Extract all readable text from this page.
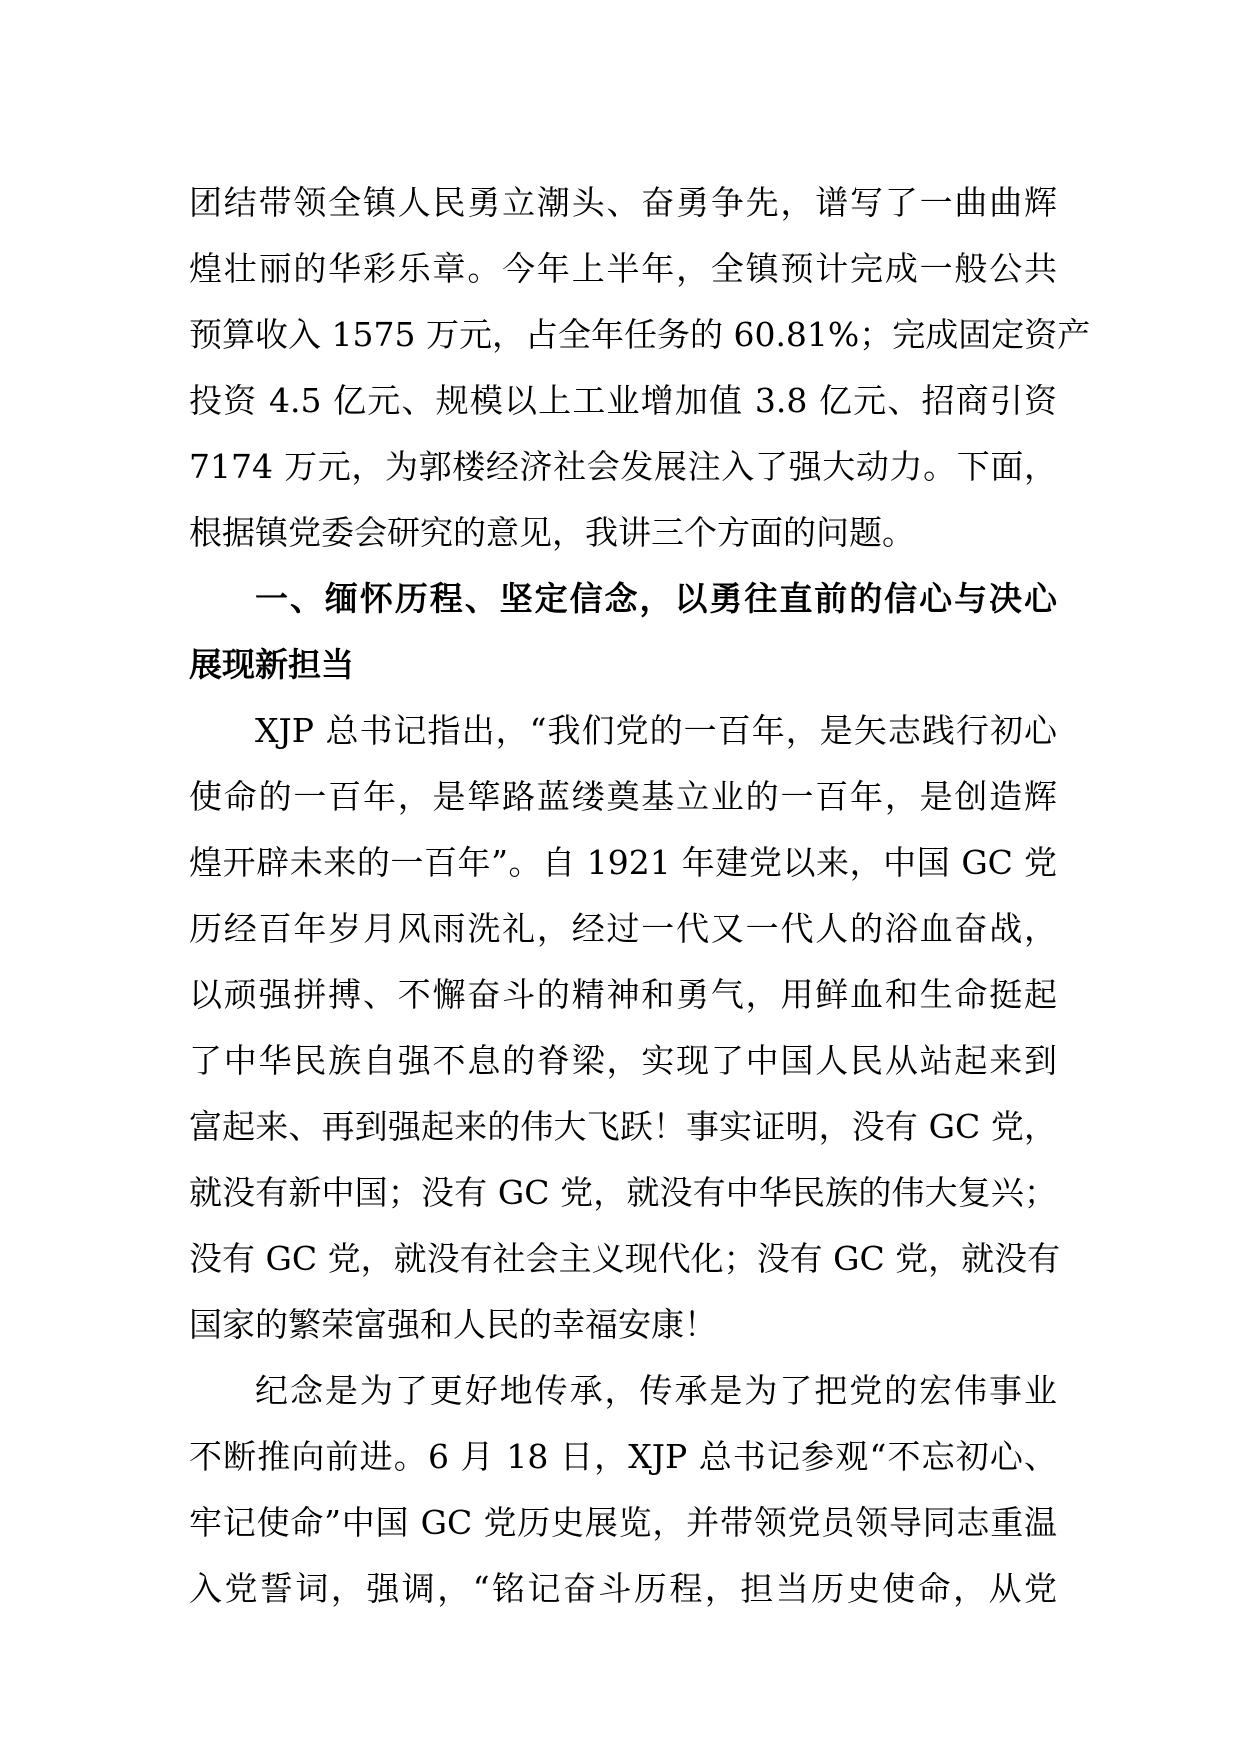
团结带领全镇人民勇立潮头、奋勇争先，谱写了一曲曲辉
煌壮丽的华彩乐章。今年上半年，全镇预计完成一般公共
预算收入 1575 万元，占全年任务的 60.81%；完成固定资产
投资 4.5 亿元、规模以上工业增加值 3.8 亿元、招商引资
7174 万元，为郭楼经济社会发展注入了强大动力。下面，
根据镇党委会研究的意见，我讲三个方面的问题。
一、缅怀历程、坚定信念，以勇往直前的信心与决心
展现新担当
XJP 总书记指出，“我们党的一百年，是矢志践行初心
使命的一百年，是筚路蓝缕奠基立业的一百年，是创造辉
煌开辟未来的一百年”。自 1921 年建党以来，中国 GC 党
历经百年岁月风雨洗礼，经过一代又一代人的浴血奋战，
以顽强拼搏、不懈奋斗的精神和勇气，用鲜血和生命挺起
了中华民族自强不息的脊梁，实现了中国人民从站起来到
富起来、再到强起来的伟大飞跃！事实证明，没有 GC 党，
就没有新中国；没有 GC 党，就没有中华民族的伟大复兴；
没有 GC 党，就没有社会主义现代化；没有 GC 党，就没有
国家的繁荣富强和人民的幸福安康！
纪念是为了更好地传承，传承是为了把党的宏伟事业
不断推向前进。6 月 18 日，XJP 总书记参观“不忘初心、
牢记使命”中国 GC 党历史展览，并带领党员领导同志重温
入党誓词，强调，“铭记奋斗历程，担当历史使命，从党
